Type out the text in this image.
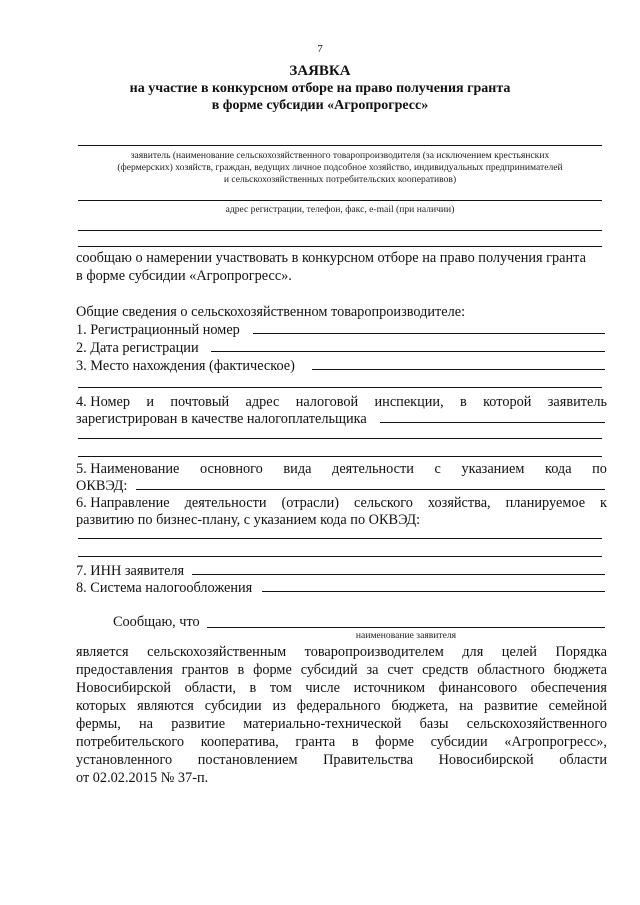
7
ЗАЯВКА
на участие в конкурсном отборе на право получения гранта
в форме субсидии «Агропрогресс»
заявитель (наименование сельскохозяйственного товаропроизводителя (за исключением крестьянских
(фермерских) хозяйств, граждан, ведущих личное подсобное хозяйство, индивидуальных предпринимателей
и сельскохозяйственных потребительских кооперативов)
адрес регистрации, телефон, факс, e-mail (при наличии)
сообщаю о намерении участвовать в конкурсном отборе на право получения гранта
в форме субсидии «Агропрогресс».
Общие сведения о сельскохозяйственном товаропроизводителе:
1. Регистрационный номер
2. Дата регистрации
3. Место нахождения (фактическое)
4. Номер и почтовый адрес налоговой инспекции, в которой заявитель
зарегистрирован в качестве налогоплательщика
5. Наименование основного вида деятельности с указанием кода по
ОКВЭД:
6. Направление деятельности (отрасли) сельского хозяйства, планируемое к
развитию по бизнес-плану, с указанием кода по ОКВЭД:
7. ИНН заявителя
8. Система налогообложения
Сообщаю, что
наименование заявителя
является сельскохозяйственным товаропроизводителем для целей Порядка
предоставления грантов в форме субсидий за счет средств областного бюджета
Новосибирской области, в том числе источником финансового обеспечения
которых являются субсидии из федерального бюджета, на развитие семейной
фермы, на развитие материально-технической базы сельскохозяйственного
потребительского кооператива, гранта в форме субсидии «Агропрогресс»,
установленного постановлением Правительства Новосибирской области
от 02.02.2015 № 37-п.
